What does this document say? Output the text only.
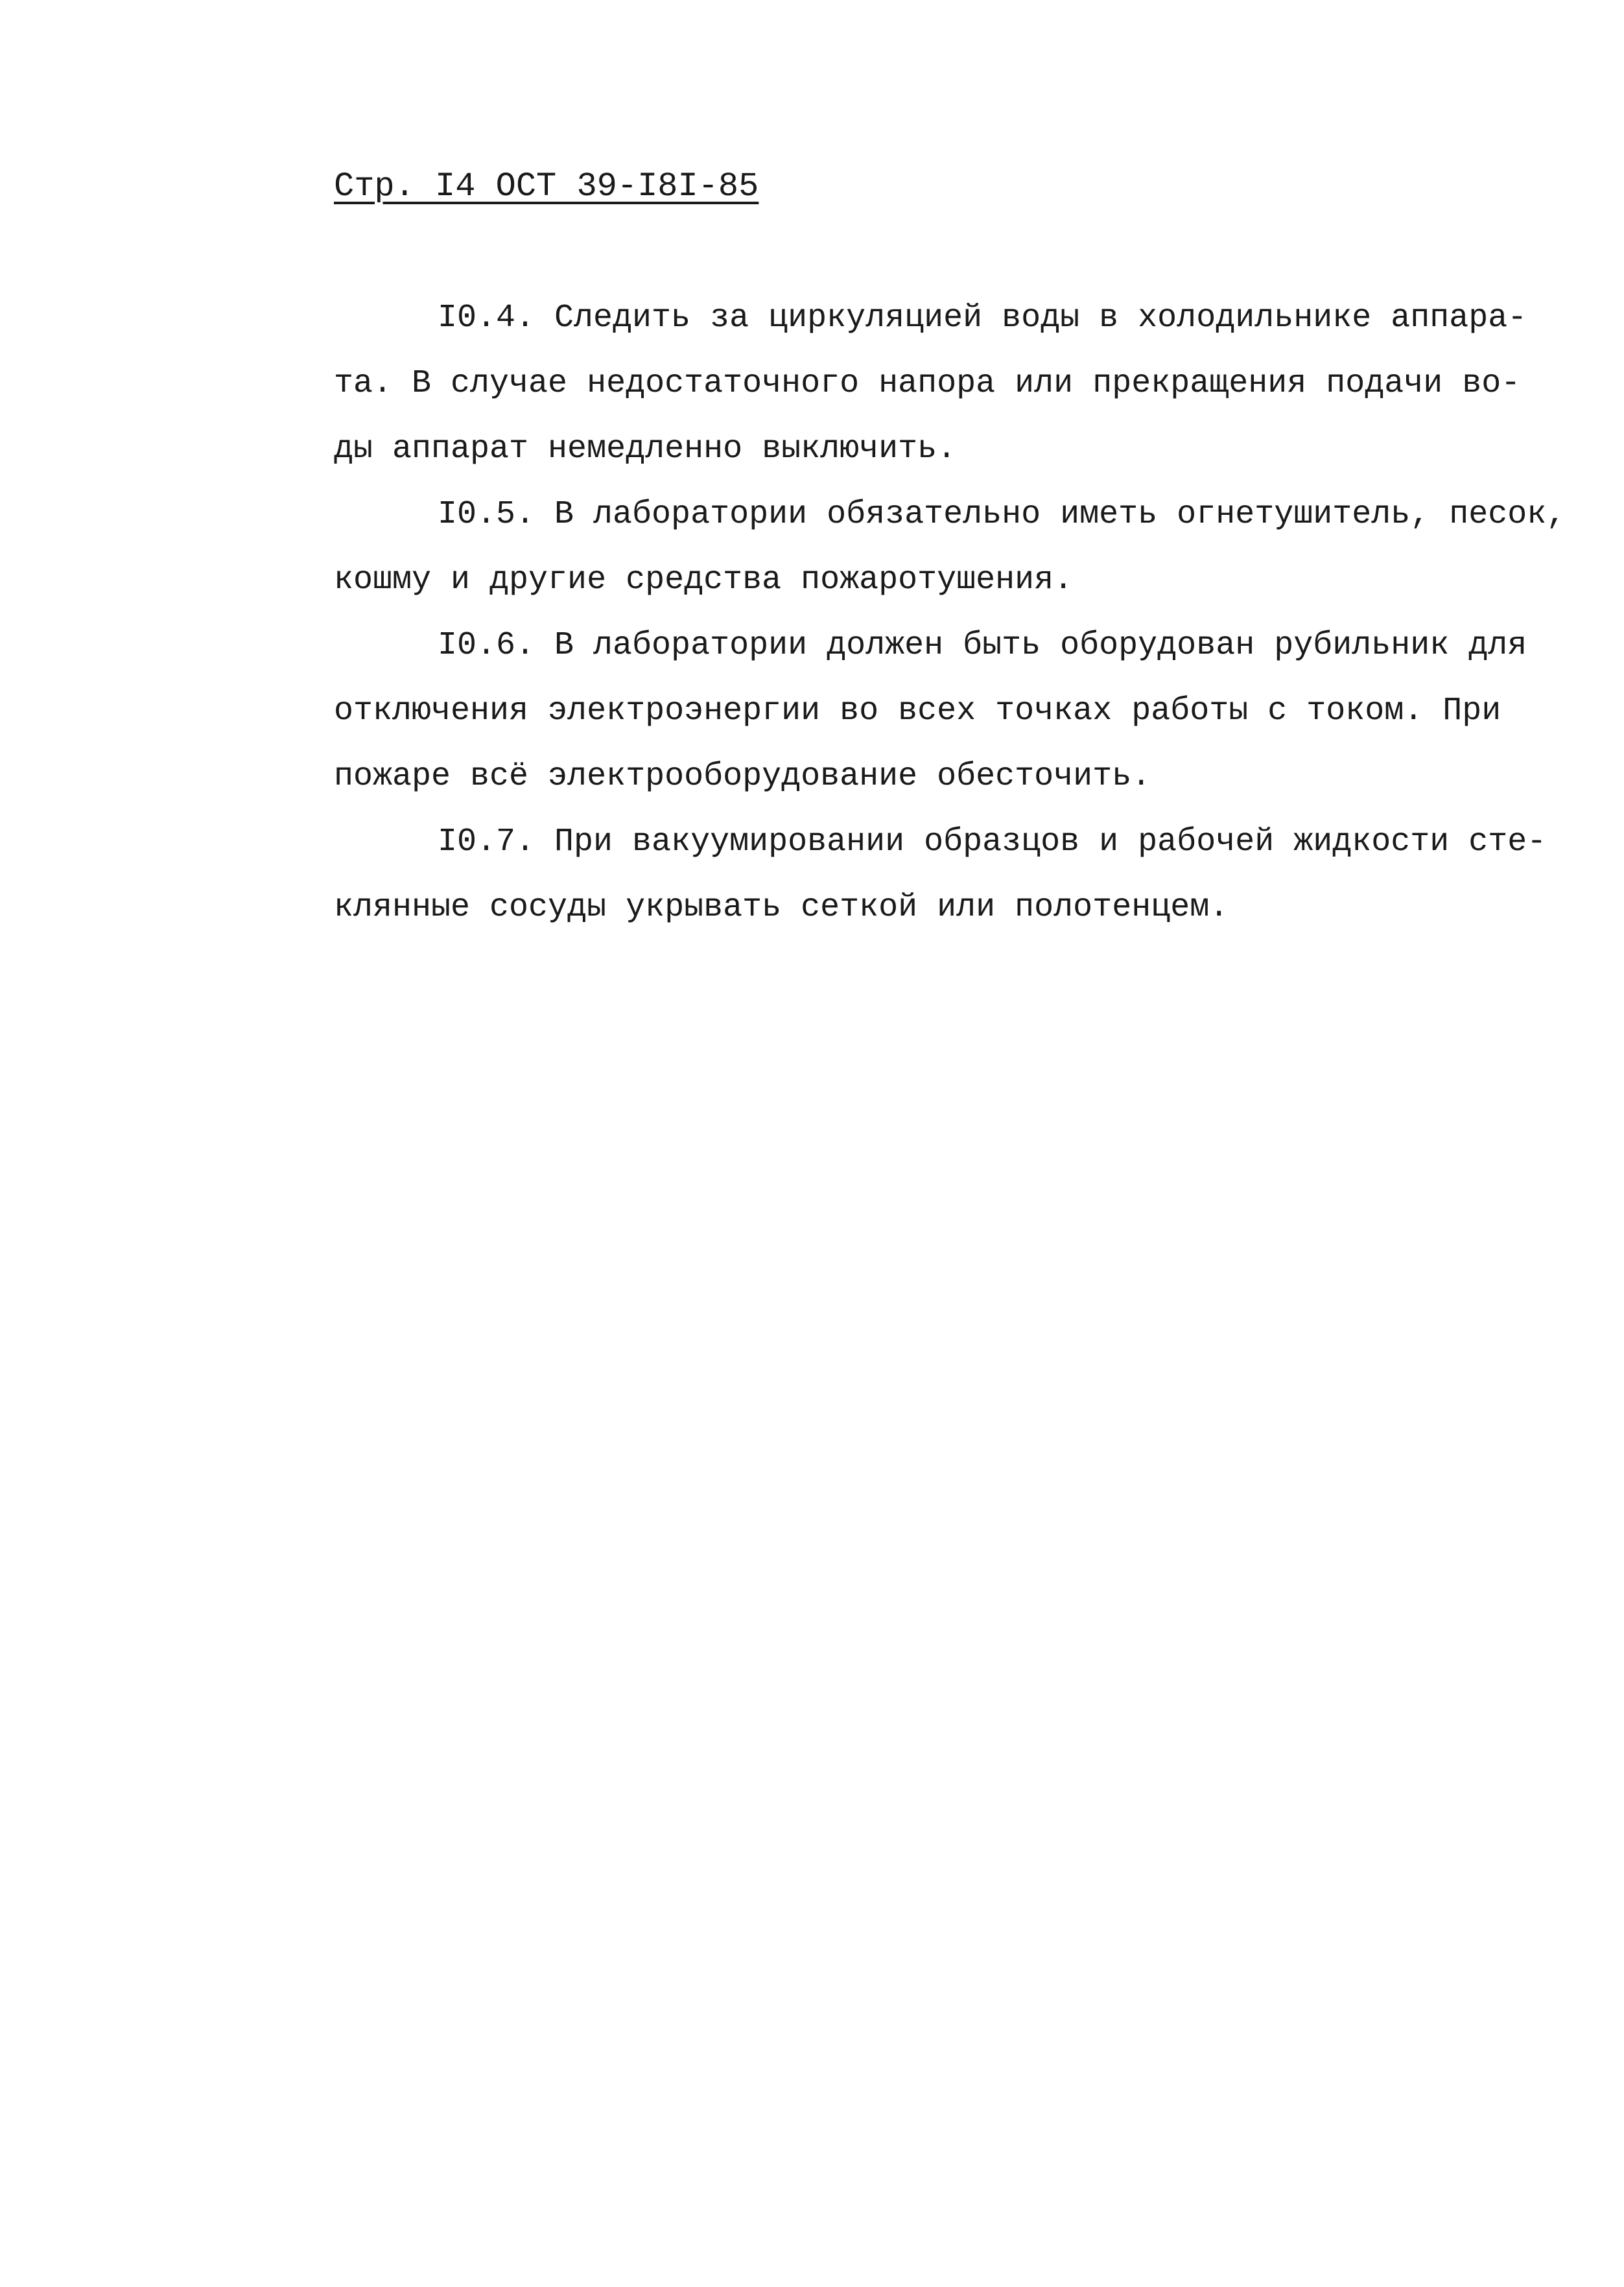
Стр. I4 ОСТ 39-I8I-85

I0.4. Следить за циркуляцией воды в холодильнике аппара-
та. В случае недостаточного напора или прекращения подачи во-
ды аппарат немедленно выключить.

I0.5. В лаборатории обязательно иметь огнетушитель, песок,
кошму и другие средства пожаротушения.

I0.6. В лаборатории должен быть оборудован рубильник для
отключения электроэнергии во всех точках работы с током. При
пожаре всё электрооборудование обесточить.

I0.7. При вакуумировании образцов и рабочей жидкости сте-
клянные сосуды укрывать сеткой или полотенцем.
